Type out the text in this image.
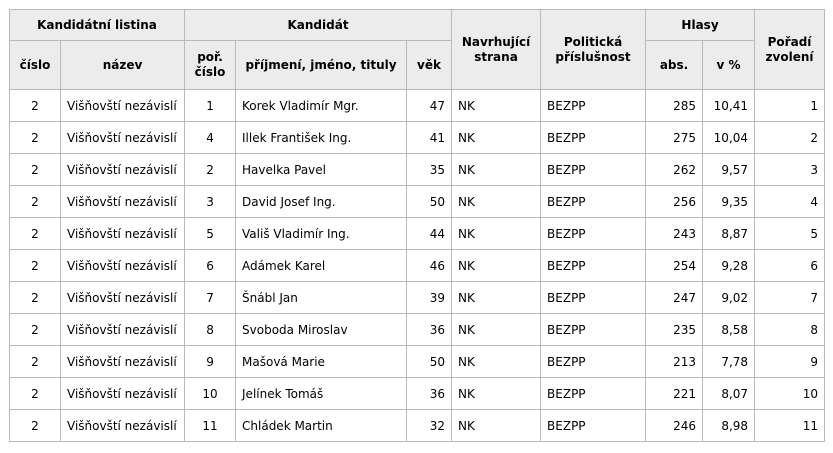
Kandidátní listina		Kandidát			Navrhující strana	Politická příslušnost	Hlasy		Pořadí zvolení
číslo	název	poř. číslo	příjmení, jméno, tituly	věk			abs.	v %	
2	Višňovští nezávislí	1	Korek Vladimír Mgr.	47	NK	BEZPP	285	10,41	1
2	Višňovští nezávislí	4	Illek František Ing.	41	NK	BEZPP	275	10,04	2
2	Višňovští nezávislí	2	Havelka Pavel	35	NK	BEZPP	262	9,57	3
2	Višňovští nezávislí	3	David Josef Ing.	50	NK	BEZPP	256	9,35	4
2	Višňovští nezávislí	5	Vališ Vladimír Ing.	44	NK	BEZPP	243	8,87	5
2	Višňovští nezávislí	6	Adámek Karel	46	NK	BEZPP	254	9,28	6
2	Višňovští nezávislí	7	Šnábl Jan	39	NK	BEZPP	247	9,02	7
2	Višňovští nezávislí	8	Svoboda Miroslav	36	NK	BEZPP	235	8,58	8
2	Višňovští nezávislí	9	Mašová Marie	50	NK	BEZPP	213	7,78	9
2	Višňovští nezávislí	10	Jelínek Tomáš	36	NK	BEZPP	221	8,07	10
2	Višňovští nezávislí	11	Chládek Martin	32	NK	BEZPP	246	8,98	11
